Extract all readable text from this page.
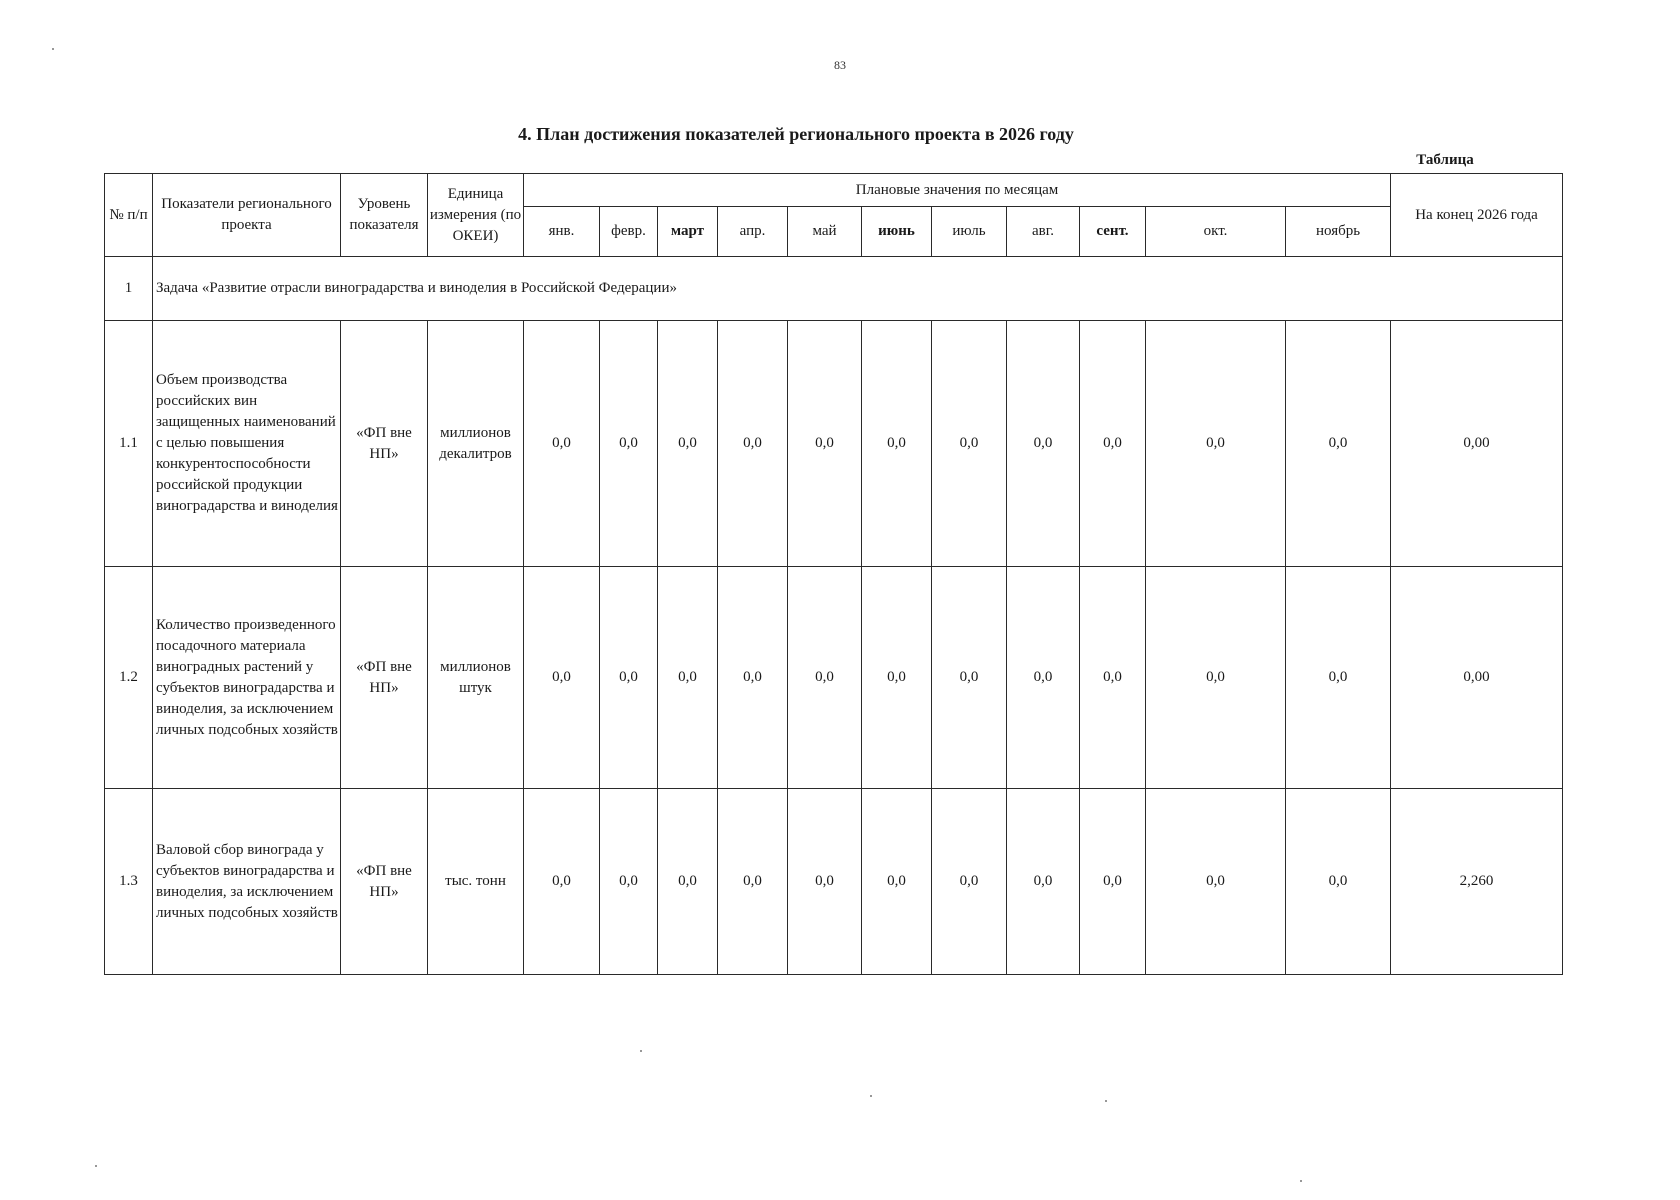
83
4. План достижения показателей регионального проекта в 2026 году
Таблица
№ п/п	Показатели регионального проекта	Уровень показателя	Единица измерения (по ОКЕИ)	Плановые значения по месяцам											На конец 2026 года
				янв.	февр.	март	апр.	май	июнь	июль	авг.	сент.	окт.	ноябрь	
1	Задача «Развитие отрасли виноградарства и виноделия в Российской Федерации»														
1.1	Объем производства российских вин защищенных наименований с целью повышения конкурентоспособности российской продукции виноградарства и виноделия	«ФП вне НП»	миллионов декалитров	0,0	0,0	0,0	0,0	0,0	0,0	0,0	0,0	0,0	0,0	0,0	0,00
1.2	Количество произведенного посадочного материала виноградных растений у субъектов виноградарства и виноделия, за исключением личных подсобных хозяйств	«ФП вне НП»	миллионов штук	0,0	0,0	0,0	0,0	0,0	0,0	0,0	0,0	0,0	0,0	0,0	0,00
1.3	Валовой сбор винограда у субъектов виноградарства и виноделия, за исключением личных подсобных хозяйств	«ФП вне НП»	тыс. тонн	0,0	0,0	0,0	0,0	0,0	0,0	0,0	0,0	0,0	0,0	0,0	2,260
